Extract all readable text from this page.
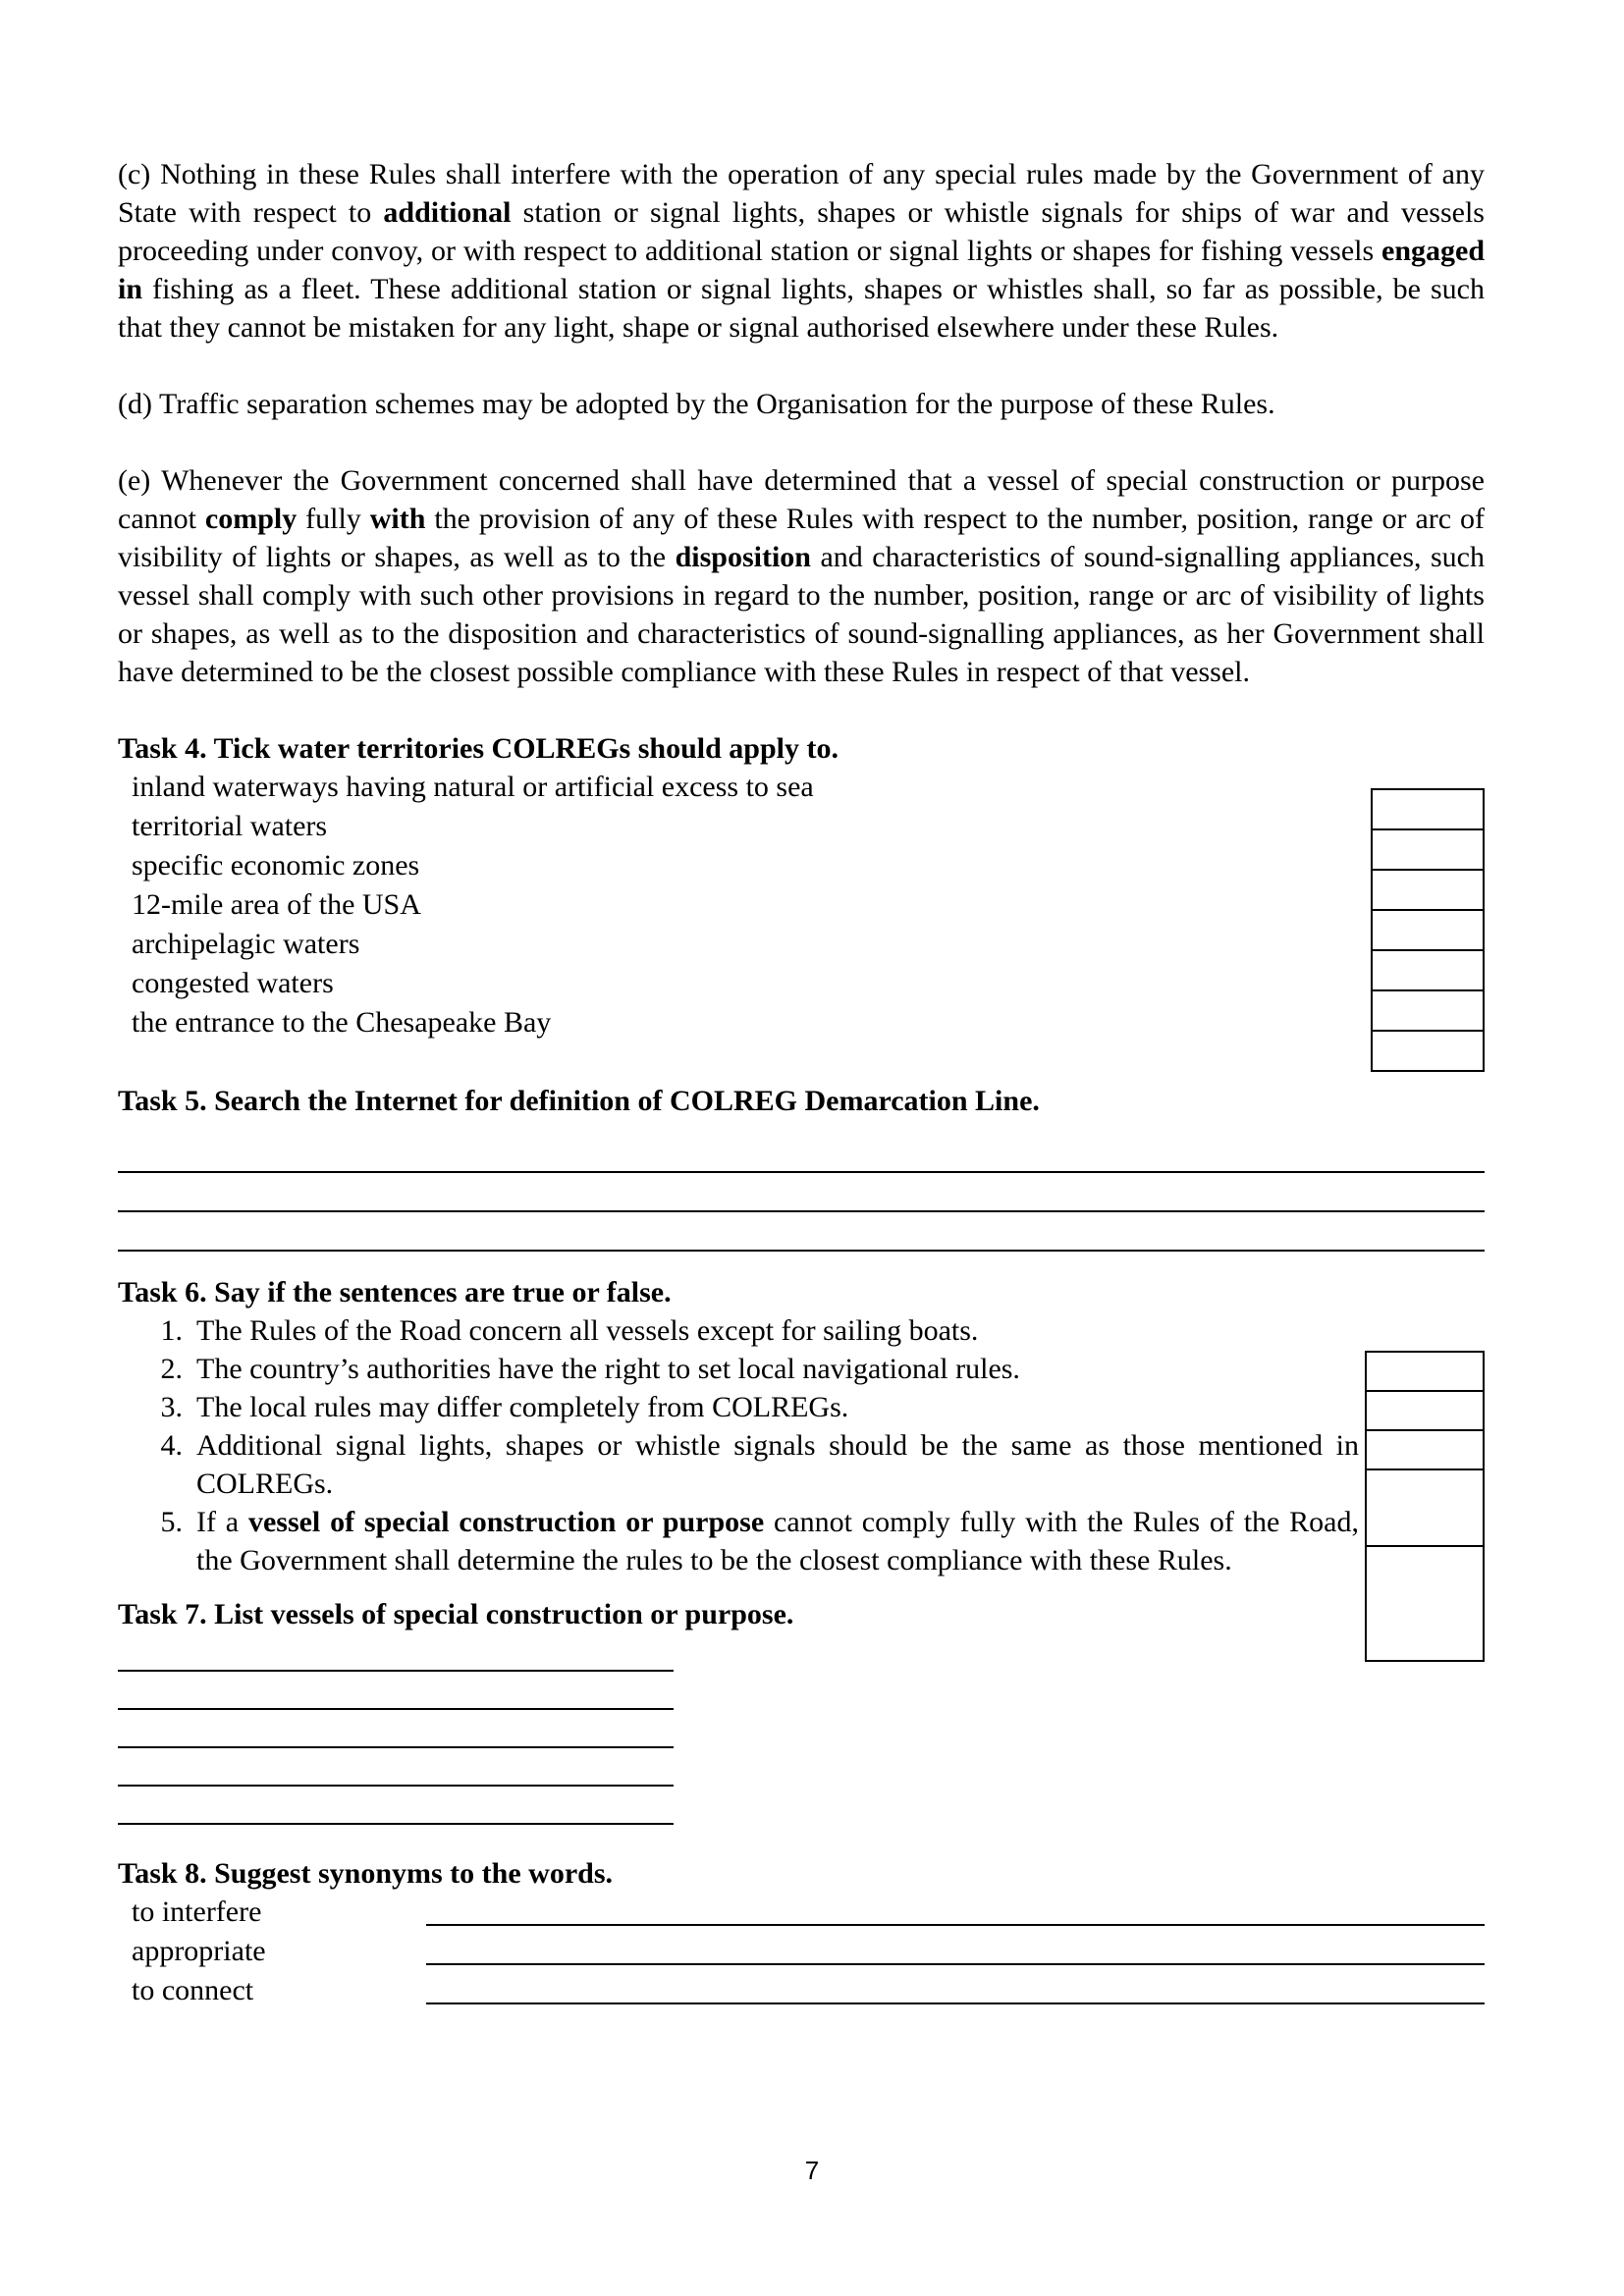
(c) Nothing in these Rules shall interfere with the operation of any special rules made by the Government of any State with respect to additional station or signal lights, shapes or whistle signals for ships of war and vessels proceeding under convoy, or with respect to additional station or signal lights or shapes for fishing vessels engaged in fishing as a fleet. These additional station or signal lights, shapes or whistles shall, so far as possible, be such that they cannot be mistaken for any light, shape or signal authorised elsewhere under these Rules.

(d) Traffic separation schemes may be adopted by the Organisation for the purpose of these Rules.

(e) Whenever the Government concerned shall have determined that a vessel of special construction or purpose cannot comply fully with the provision of any of these Rules with respect to the number, position, range or arc of visibility of lights or shapes, as well as to the disposition and characteristics of sound-signalling appliances, such vessel shall comply with such other provisions in regard to the number, position, range or arc of visibility of lights or shapes, as well as to the disposition and characteristics of sound-signalling appliances, as her Government shall have determined to be the closest possible compliance with these Rules in respect of that vessel.

Task 4. Tick water territories COLREGs should apply to.

inland waterways having natural or artificial excess to sea
territorial waters
specific economic zones
12-mile area of the USA
archipelagic waters
congested waters
the entrance to the Chesapeake Bay

Task 5. Search the Internet for definition of COLREG Demarcation Line.

Task 6. Say if the sentences are true or false.

1. The Rules of the Road concern all vessels except for sailing boats.
2. The country’s authorities have the right to set local navigational rules.
3. The local rules may differ completely from COLREGs.
4. Additional signal lights, shapes or whistle signals should be the same as those mentioned in COLREGs.
5. If a vessel of special construction or purpose cannot comply fully with the Rules of the Road, the Government shall determine the rules to be the closest compliance with these Rules.

Task 7. List vessels of special construction or purpose.

Task 8. Suggest synonyms to the words.

to interfere
appropriate
to connect
7
